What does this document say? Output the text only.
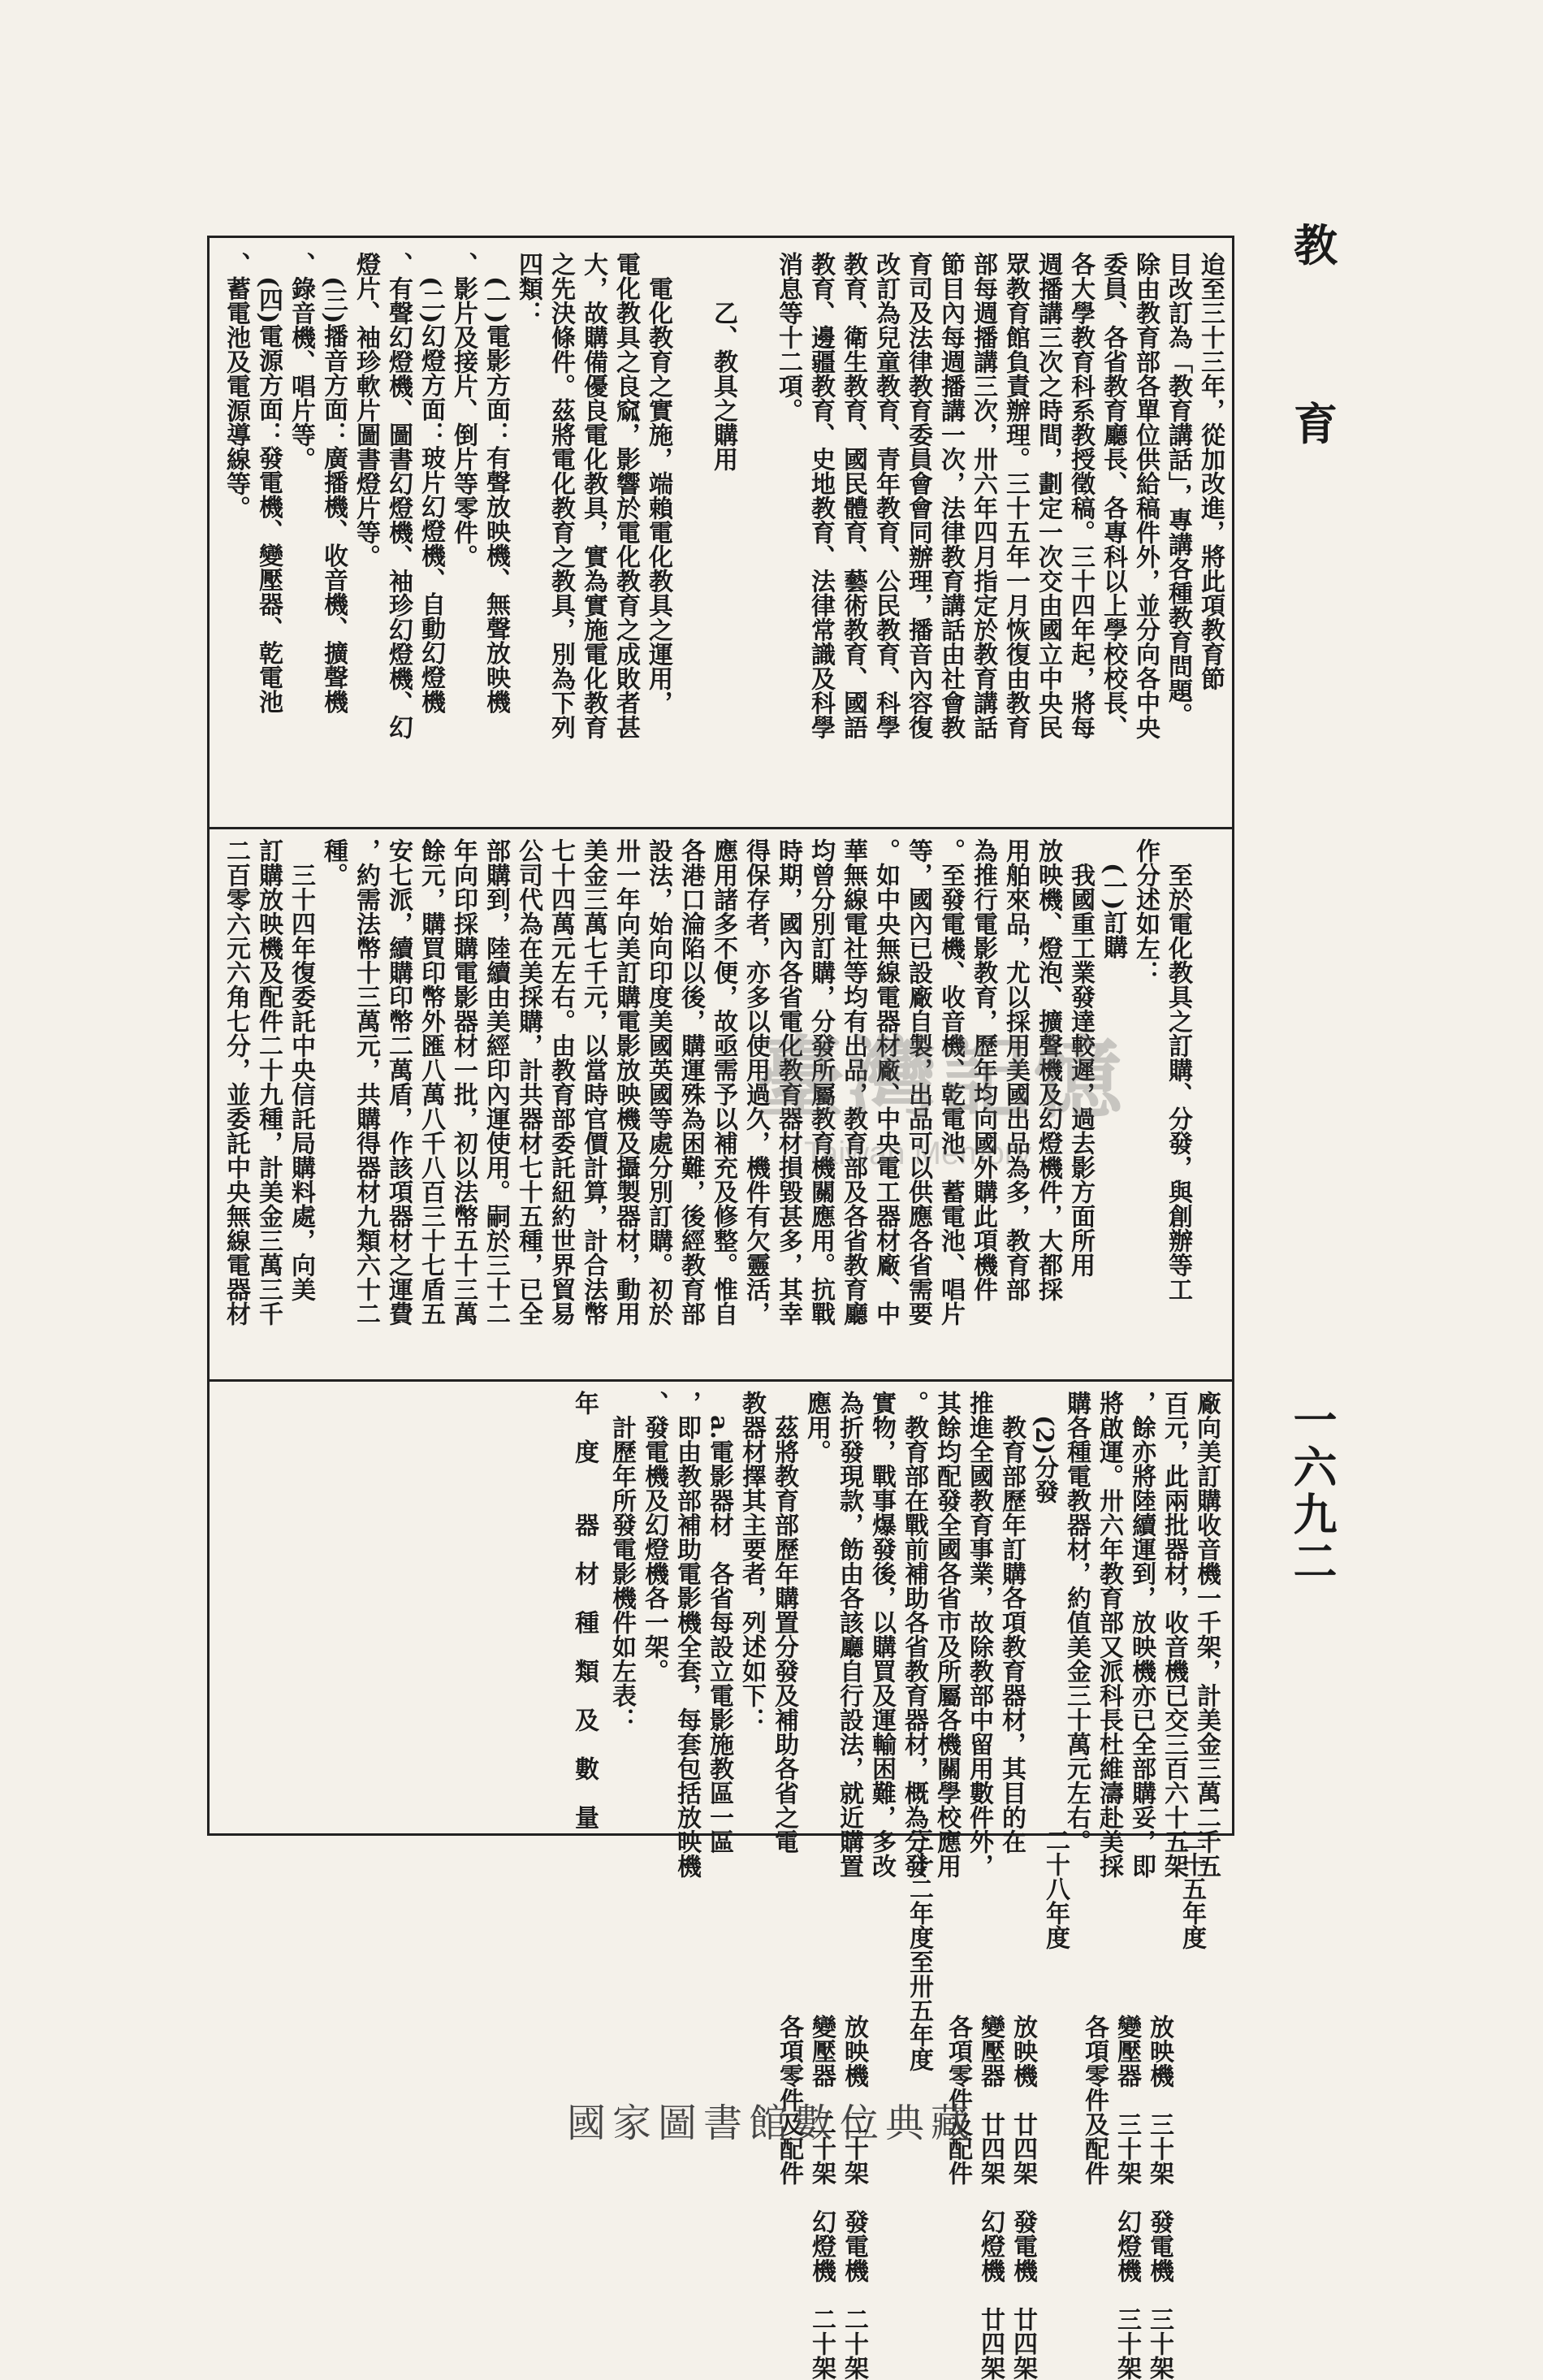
教
育
一六九二
迨至三十三年，從加改進，將此項教育節
目改訂為「教育講話」，專講各種教育問題。
除由教育部各單位供給稿件外，並分向各中央
委員、各省教育廳長、各專科以上學校校長、
各大學教育科系教授徵稿。三十四年起，將每
週播講三次之時間，劃定一次交由國立中央民
眾教育館負責辦理。三十五年一月恢復由教育
部每週播講三次，卅六年四月指定於教育講話
節目內每週播講一次，法律教育講話由社會教
育司及法律教育委員會會同辦理，播音內容復
改訂為兒童教育、青年教育、公民教育、科學
教育、衛生教育、國民體育、藝術教育、國語
教育、邊疆教育、史地教育、法律常識及科學
消息等十二項。

　　乙、教具之購用

　電化教育之實施，端賴電化教具之運用，
電化教具之良窳，影響於電化教育之成敗者甚
大，故購備優良電化教具，實為實施電化教育
之先決條件。茲將電化教育之教具，別為下列
四類：
　(一)電影方面：有聲放映機、無聲放映機
、影片及接片、倒片等零件。
　(二)幻燈方面：玻片幻燈機、自動幻燈機
、有聲幻燈機、圖書幻燈機、袖珍幻燈機、幻
燈片、袖珍軟片圖書燈片等。
　(三)播音方面：廣播機、收音機、擴聲機
、錄音機、唱片等。
　(四)電源方面：發電機、變壓器、乾電池
、蓄電池及電源導線等。
　至於電化教具之訂購、分發，與創辦等工
作分述如左：
　(一)訂購
　我國重工業發達較遲，過去影方面所用
放映機、燈泡、擴聲機及幻燈機件，大都採
用舶來品，尤以採用美國出品為多，教育部
為推行電影教育，歷年均向國外購此項機件
。至發電機、收音機、乾電池、蓄電池、唱片
等，國內已設廠自製，出品可以供應各省需要
。如中央無線電器材廠、中央電工器材廠、中
華無線電社等均有出品，教育部及各省教育廳
均曾分別訂購，分發所屬教育機關應用。抗戰
時期，國內各省電化教育器材損毀甚多，其幸
得保存者，亦多以使用過久，機件有欠靈活，
應用諸多不便，故亟需予以補充及修整。惟自
各港口淪陷以後，購運殊為困難，後經教育部
設法，始向印度美國英國等處分別訂購。初於
卅一年向美訂購電影放映機及攝製器材，動用
美金三萬七千元，以當時官價計算，計合法幣
七十四萬元左右。由教育部委託紐約世界貿易
公司代為在美採購，計共器材七十五種，已全
部購到，陸續由美經印內運使用。嗣於三十二
年向印採購電影器材一批，初以法幣五十三萬
餘元，購買印幣外匯八萬八千八百三十七盾五
安七派，續購印幣二萬盾，作該項器材之運費
，約需法幣十三萬元，共購得器材九類六十二
種。
　三十四年復委託中央信託局購料處，向美
訂購放映機及配件二十九種，計美金三萬三千
二百零六元六角七分，並委託中央無線電器材
廠向美訂購收音機一千架，計美金三萬二千五
百元，此兩批器材，收音機已交三百六十五架
，餘亦將陸續運到，放映機亦已全部購妥，即
將啟運。卅六年教育部又派科長杜維濤赴美採
購各種電教器材，約值美金三十萬元左右。
　(2)分發
　教育部歷年訂購各項教育器材，其目的在
推進全國教育事業，故除教部中留用數件外，
其餘均配發全國各省市及所屬各機關學校應用
。教育部在戰前補助各省教育器材，概為分發
實物，戰事爆發後，以購買及運輸困難，多改
為折發現款，飭由各該廳自行設法，就近購置
應用。
　茲將教育部歷年購置分發及補助各省之電
教器材擇其主要者，列述如下：
　a.電影器材　各省每設立電影施教區一區
，即由教部補助電影機全套，每套包括放映機
、發電機及幻燈機各一架。
　計歷年所發電影機件如左表：
年　度　　器　材　種　類　及　數　量
二十五年度
放映機　三十架　發電機　三十架
變壓器　三十架　幻燈機　三十架
各項零件及配件
二十八年度
放映機　廿四架　發電機　廿四架
變壓器　廿四架　幻燈機　廿四架
各項零件及配件
三十二年度至卅五年度
放映機　二十架　發電機　二十架
變壓器　二十架　幻燈機　二十架
各項零件及配件
臺灣記憶
Taiwan Memory
國家圖書館數位典藏
